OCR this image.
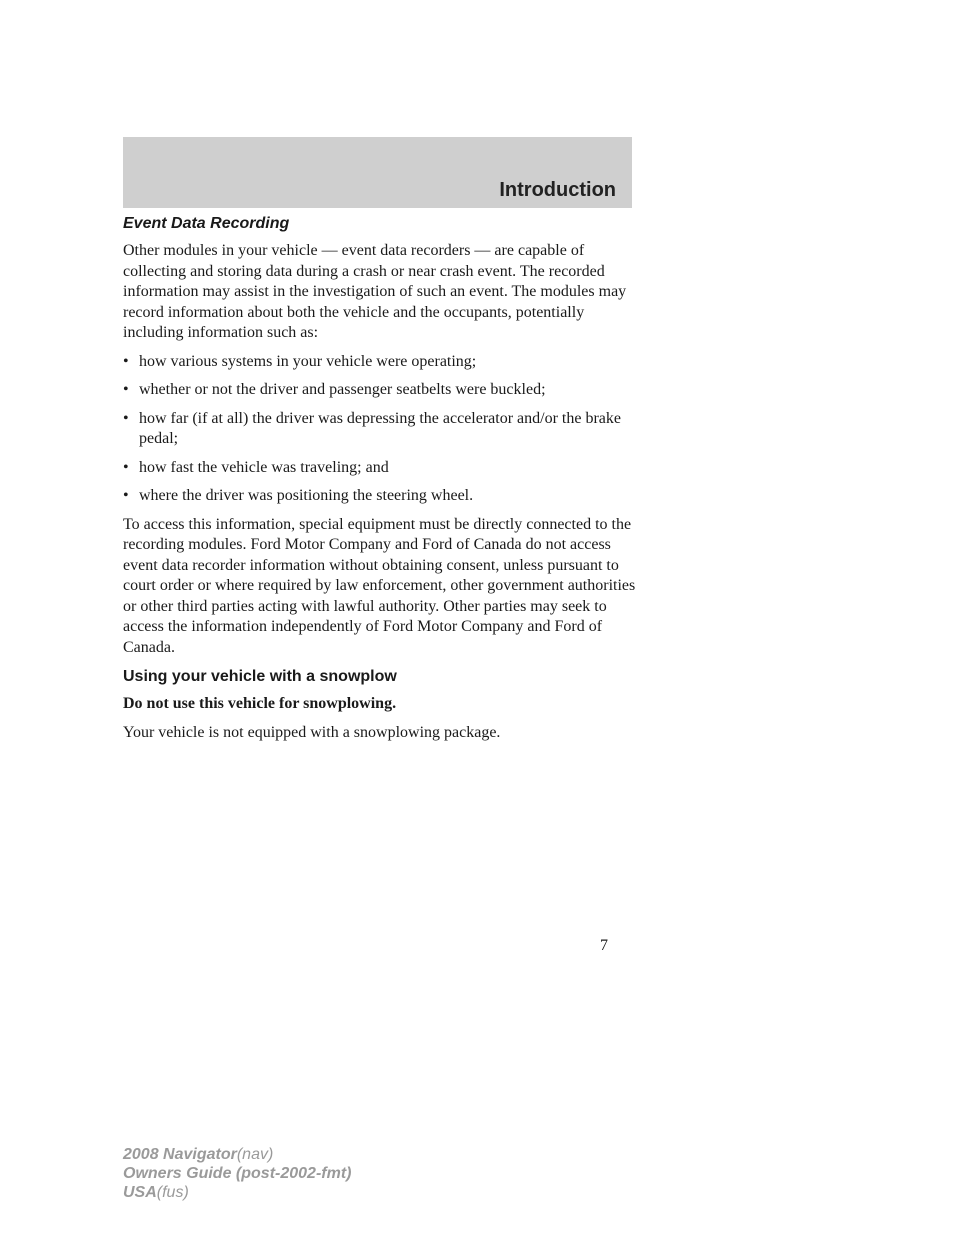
Introduction
Event Data Recording

Other modules in your vehicle — event data recorders — are capable of collecting and storing data during a crash or near crash event. The recorded information may assist in the investigation of such an event. The modules may record information about both the vehicle and the occupants, potentially including information such as:

• how various systems in your vehicle were operating;
• whether or not the driver and passenger seatbelts were buckled;
• how far (if at all) the driver was depressing the accelerator and/or the brake pedal;
• how fast the vehicle was traveling; and
• where the driver was positioning the steering wheel.

To access this information, special equipment must be directly connected to the recording modules. Ford Motor Company and Ford of Canada do not access event data recorder information without obtaining consent, unless pursuant to court order or where required by law enforcement, other government authorities or other third parties acting with lawful authority. Other parties may seek to access the information independently of Ford Motor Company and Ford of Canada.

Using your vehicle with a snowplow

Do not use this vehicle for snowplowing.

Your vehicle is not equipped with a snowplowing package.

7
2008 Navigator(nav)
Owners Guide (post-2002-fmt)
USA(fus)
